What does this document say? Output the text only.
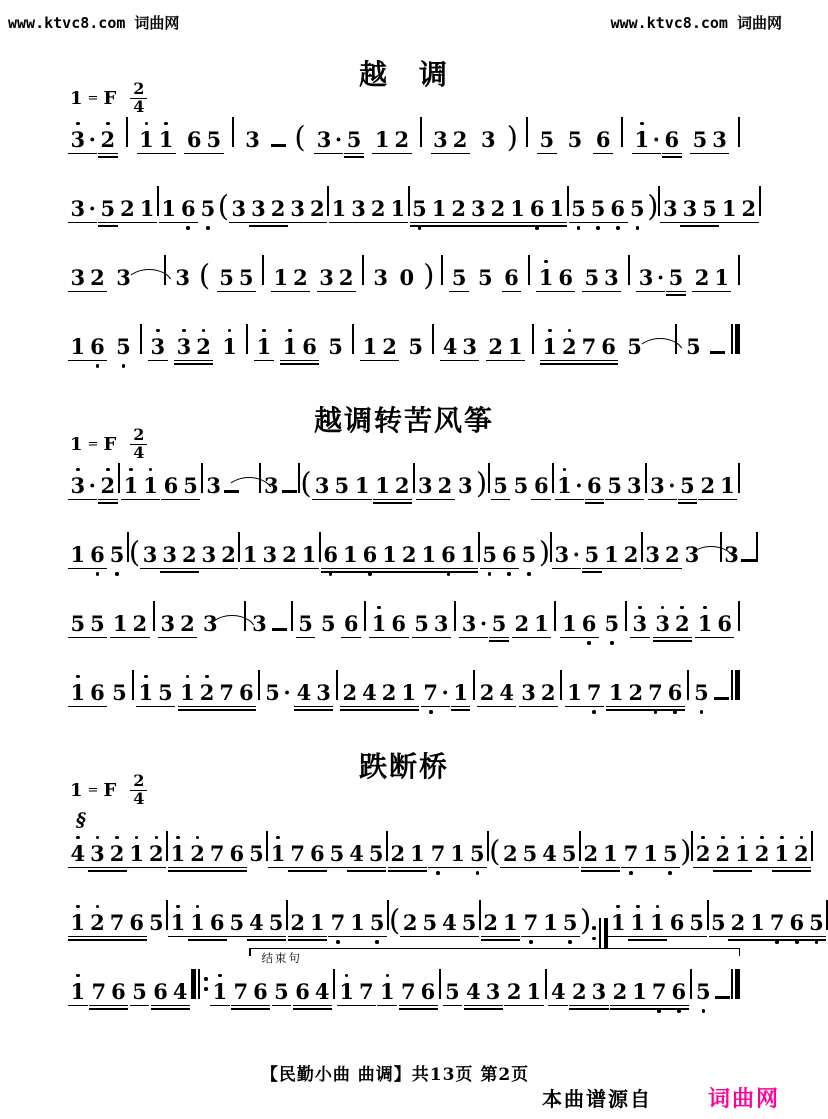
www.ktvc8.com 词曲网	www.ktvc8.com 词曲网
越　调
1 = F $\frac{2}{4}$
3 · 2 1 1 6 5 3 ( 3 · 5 1 2 3 2 3 ) 5 5 6 1 · 6 5 3
3 · 5 2 1 1 6 5 ( 3 3 2 3 2 1 3 2 1 5 1 2 3 2 1 6 1 5 5 6 5 ) 3 3 5 1 2
3 2 3 3 ( 5 5 1 2 3 2 3 0 ) 5 5 6 1 6 5 3 3 · 5 2 1
1 6 5 3 3 2 1 1 1 6 5 1 2 5 4 3 2 1 1 2 7 6 5 5
越调转苦风筝
1 = F $\frac{2}{4}$
3 · 2 1 1 6 5 3 3 ( 3 5 1 1 2 3 2 3 ) 5 5 6 1 · 6 5 3 3 · 5 2 1
1 6 5 ( 3 3 2 3 2 1 3 2 1 6 1 6 1 2 1 6 1 5 6 5 ) 3 · 5 1 2 3 2 3 3
5 5 1 2 3 2 3 3 5 5 6 1 6 5 3 3 · 5 2 1 1 6 5 3 3 2 1 6
1 6 5 1 5 1 2 7 6 5 · 4 3 2 4 2 1 7 · 1 2 4 3 2 1 7 1 2 7 6 5
跌断桥
1 = F $\frac{2}{4}$
§
4 3 2 1 2 1 2 7 6 5 1 7 6 5 4 5 2 1 7 1 5 ( 2 5 4 5 2 1 7 1 5 ) 2 2 1 2 1 2
1 2 7 6 5 1 1 6 5 4 5 2 1 7 1 5 ( 2 5 4 5 2 1 7 1 5 ) 1 1 1 6 5 5 2 1 7 6 5
1 7 6 5 6 4 1 7 6 5 6 4 1 7 1 7 6 5 4 3 2 1 4 2 3 2 1 7 6 5
结束句
【民勤小曲 曲调】共13页 第2页
本曲谱源自	词曲网
